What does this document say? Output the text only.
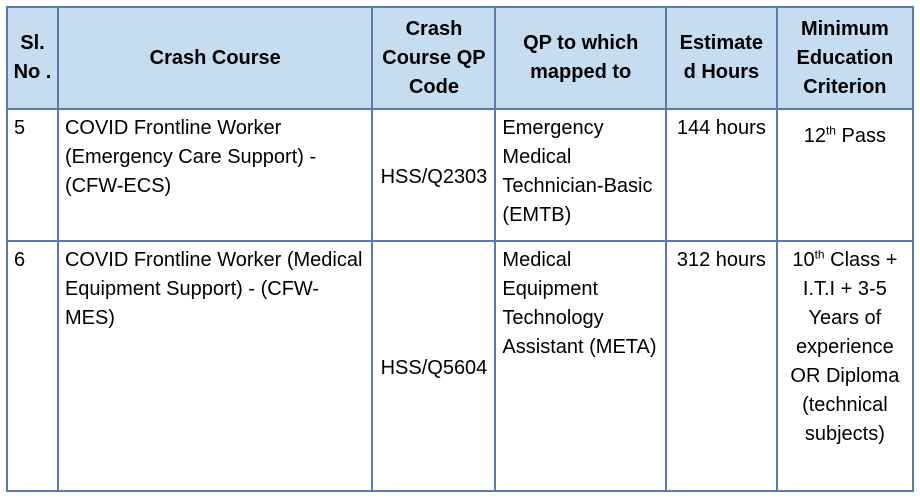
Sl. No .	Crash Course	Crash Course QP Code	QP to which mapped to	Estimate d Hours	Minimum Education Criterion
5	COVID Frontline Worker (Emergency Care Support) -(CFW-ECS)	HSS/Q2303	Emergency Medical Technician-Basic (EMTB)	144 hours	12th Pass

6	COVID Frontline Worker (Medical Equipment Support) - (CFW-MES)	HSS/Q5604	Medical Equipment Technology Assistant (META)	312 hours	10th Class + I.T.I + 3-5 Years of experience OR Diploma (technical subjects)
